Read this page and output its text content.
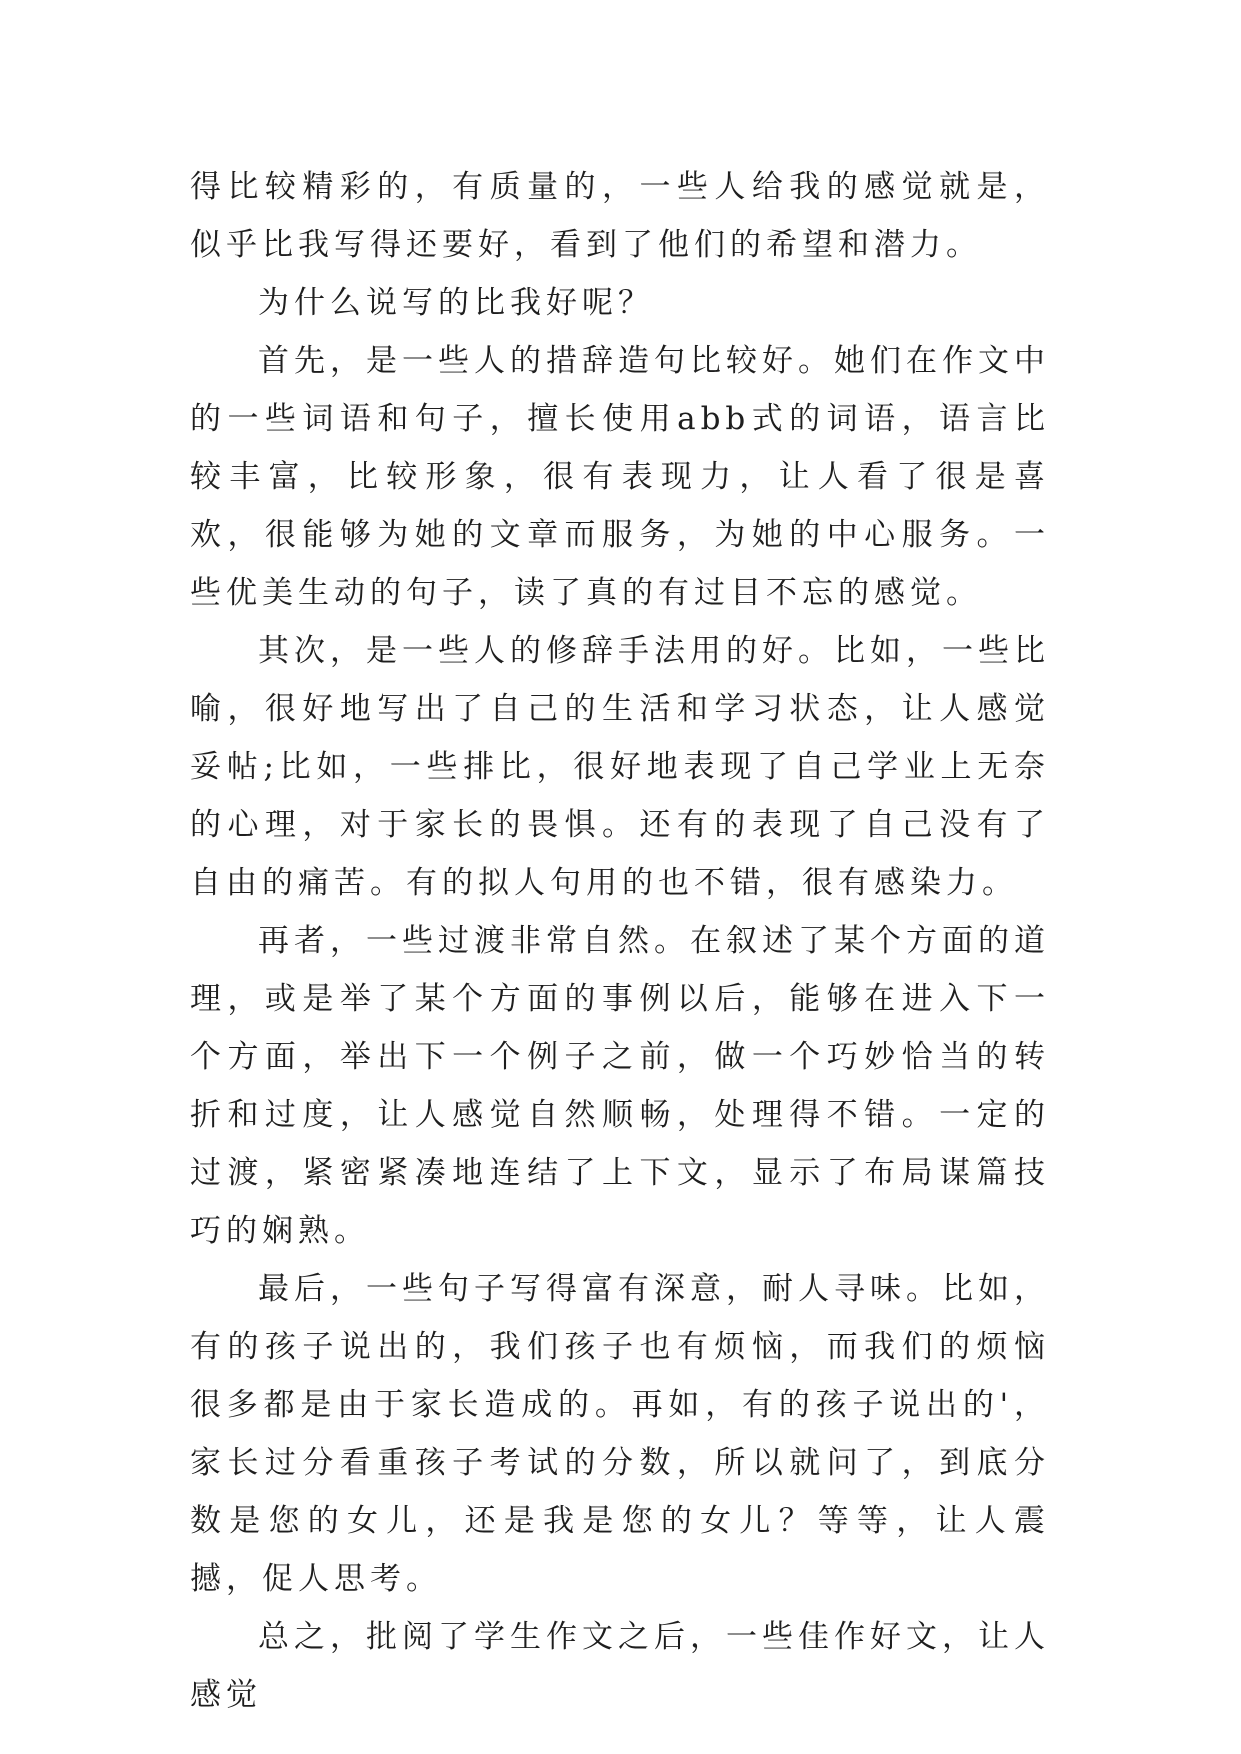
得比较精彩的，有质量的，一些人给我的感觉就是，似乎比我写得还要好，看到了他们的希望和潜力。

为什么说写的比我好呢？

首先，是一些人的措辞造句比较好。她们在作文中的一些词语和句子，擅长使用abb式的词语，语言比较丰富，比较形象，很有表现力，让人看了很是喜欢，很能够为她的文章而服务，为她的中心服务。一些优美生动的句子，读了真的有过目不忘的感觉。

其次，是一些人的修辞手法用的好。比如，一些比喻，很好地写出了自己的生活和学习状态，让人感觉妥帖;比如，一些排比，很好地表现了自己学业上无奈的心理，对于家长的畏惧。还有的表现了自己没有了自由的痛苦。有的拟人句用的也不错，很有感染力。

再者，一些过渡非常自然。在叙述了某个方面的道理，或是举了某个方面的事例以后，能够在进入下一个方面，举出下一个例子之前，做一个巧妙恰当的转折和过度，让人感觉自然顺畅，处理得不错。一定的过渡，紧密紧凑地连结了上下文，显示了布局谋篇技巧的娴熟。

最后，一些句子写得富有深意，耐人寻味。比如，有的孩子说出的，我们孩子也有烦恼，而我们的烦恼很多都是由于家长造成的。再如，有的孩子说出的'，家长过分看重孩子考试的分数，所以就问了，到底分数是您的女儿，还是我是您的女儿？等等，让人震撼，促人思考。

总之，批阅了学生作文之后，一些佳作好文，让人感觉
